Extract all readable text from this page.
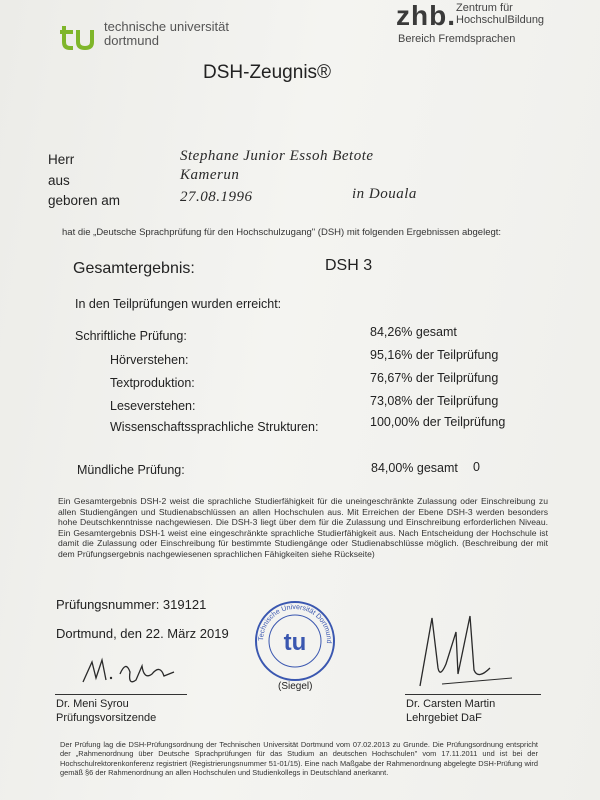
technische universität
dortmund
zhb. Zentrum für
HochschulBildung
Bereich Fremdsprachen
DSH-Zeugnis®
Herr	Stephane Junior Essoh Betote
aus	Kamerun
geboren am	27.08.1996	in Douala
hat die „Deutsche Sprachprüfung für den Hochschulzugang" (DSH) mit folgenden Ergebnissen abgelegt:
Gesamtergebnis:	DSH 3
In den Teilprüfungen wurden erreicht:
Schriftliche Prüfung:	84,26% gesamt
Hörverstehen:	95,16% der Teilprüfung
Textproduktion:	76,67% der Teilprüfung
Leseverstehen:	73,08% der Teilprüfung
Wissenschaftssprachliche Strukturen:	100,00% der Teilprüfung
Mündliche Prüfung:	84,00% gesamt 0
Ein Gesamtergebnis DSH-2 weist die sprachliche Studierfähigkeit für die uneingeschränkte Zulassung oder Einschreibung zu allen Studiengängen und Studienabschlüssen an allen Hochschulen aus. Mit Erreichen der Ebene DSH-3 werden besonders hohe Deutschkenntnisse nachgewiesen. Die DSH-3 liegt über dem für die Zulassung und Einschreibung erforderlichen Niveau. Ein Gesamtergebnis DSH-1 weist eine eingeschränkte sprachliche Studierfähigkeit aus. Nach Entscheidung der Hochschule ist damit die Zulassung oder Einschreibung für bestimmte Studiengänge oder Studienabschlüsse möglich. (Beschreibung der mit dem Prüfungsergebnis nachgewiesenen sprachlichen Fähigkeiten siehe Rückseite)
Prüfungsnummer: 319121
Dortmund, den 22. März 2019
Dr. Meni Syrou
Prüfungsvorsitzende
Technische Universität Dortmund
tu
(Siegel)
Dr. Carsten Martin
Lehrgebiet DaF
Der Prüfung lag die DSH-Prüfungsordnung der Technischen Universität Dortmund vom 07.02.2013 zu Grunde. Die Prüfungsordnung entspricht der „Rahmenordnung über Deutsche Sprachprüfungen für das Studium an deutschen Hochschulen" vom 17.11.2011 und ist bei der Hochschulrektorenkonferenz registriert (Registrierungsnummer 51-01/15). Eine nach Maßgabe der Rahmenordnung abgelegte DSH-Prüfung wird gemäß §6 der Rahmenordnung an allen Hochschulen und Studienkollegs in Deutschland anerkannt.
